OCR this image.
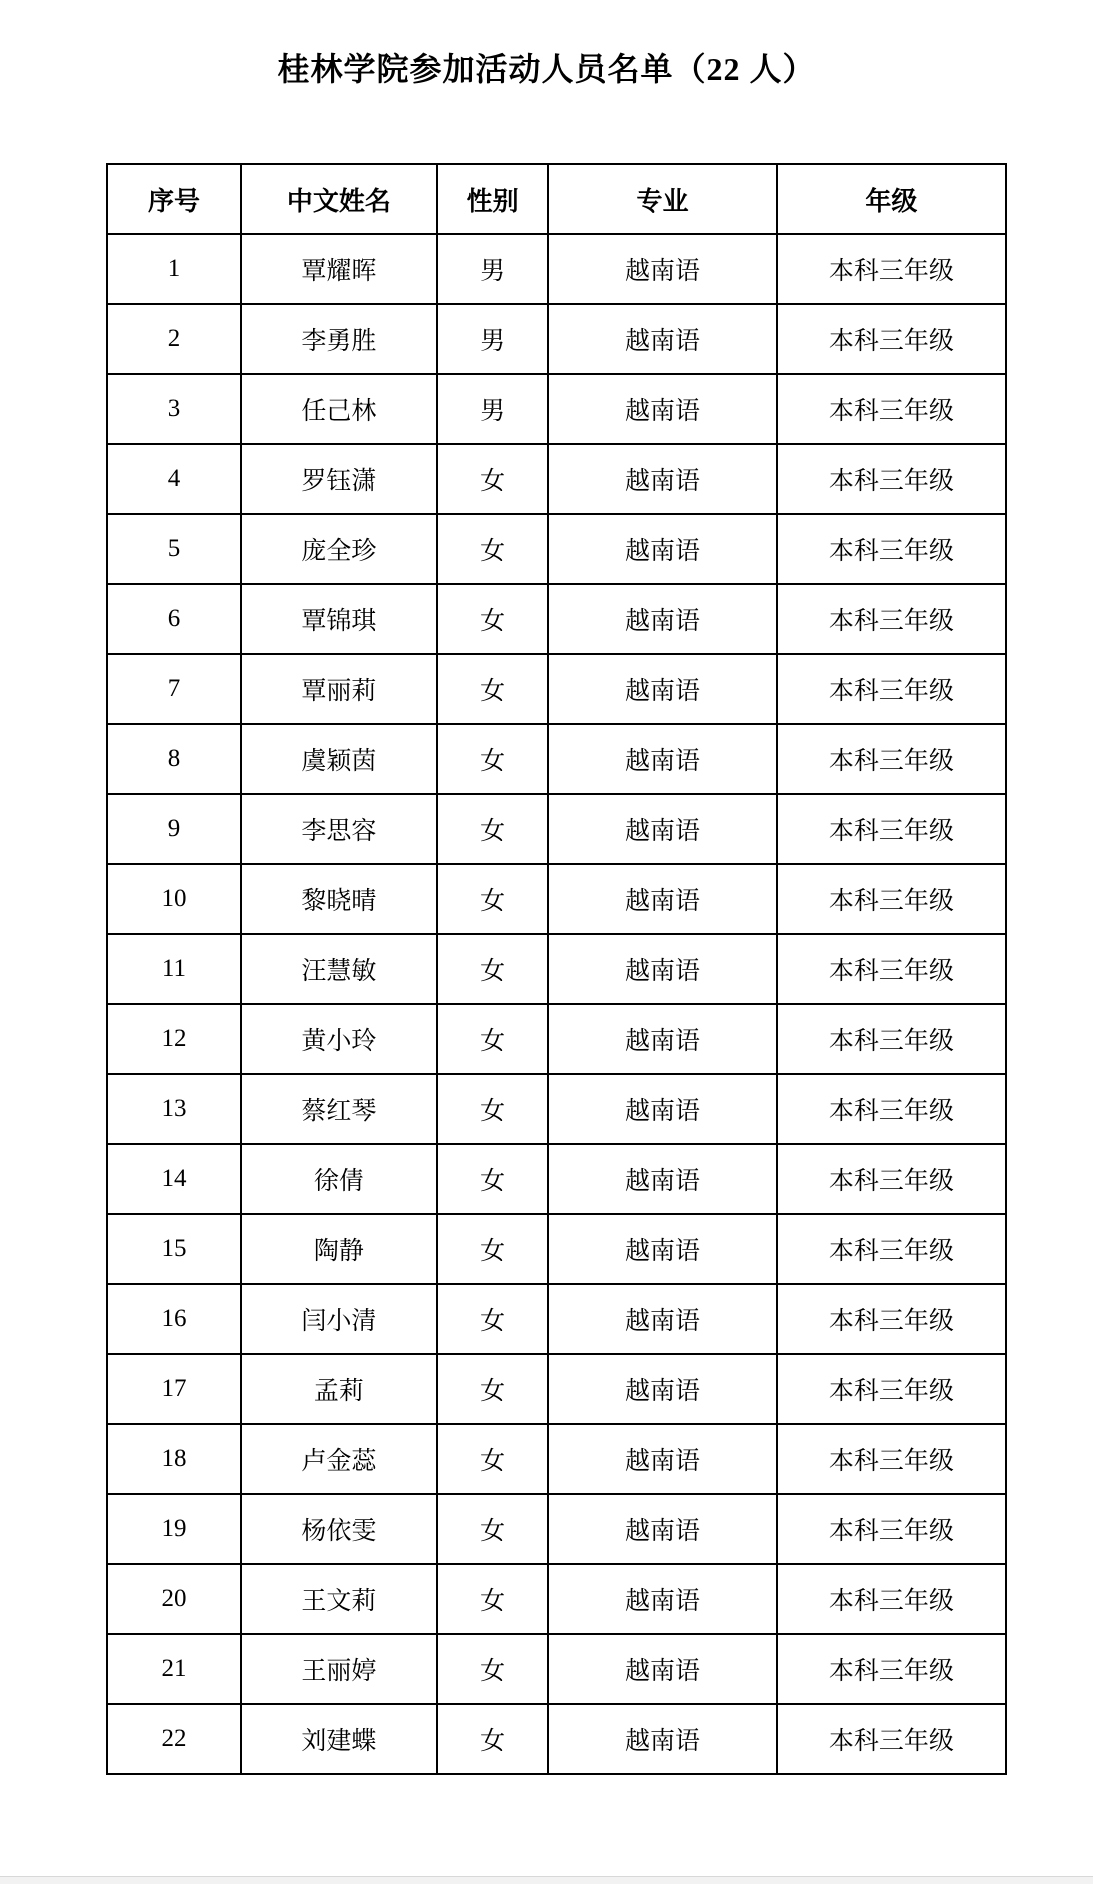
桂林学院参加活动人员名单（22 人）
序号	中文姓名	性别	专业	年级
1	覃耀晖	男	越南语	本科三年级
2	李勇胜	男	越南语	本科三年级
3	任己林	男	越南语	本科三年级
4	罗钰潇	女	越南语	本科三年级
5	庞全珍	女	越南语	本科三年级
6	覃锦琪	女	越南语	本科三年级
7	覃丽莉	女	越南语	本科三年级
8	虞颖茵	女	越南语	本科三年级
9	李思容	女	越南语	本科三年级
10	黎晓晴	女	越南语	本科三年级
11	汪慧敏	女	越南语	本科三年级
12	黄小玲	女	越南语	本科三年级
13	蔡红琴	女	越南语	本科三年级
14	徐倩	女	越南语	本科三年级
15	陶静	女	越南语	本科三年级
16	闫小清	女	越南语	本科三年级
17	孟莉	女	越南语	本科三年级
18	卢金蕊	女	越南语	本科三年级
19	杨依雯	女	越南语	本科三年级
20	王文莉	女	越南语	本科三年级
21	王丽婷	女	越南语	本科三年级
22	刘建蝶	女	越南语	本科三年级
